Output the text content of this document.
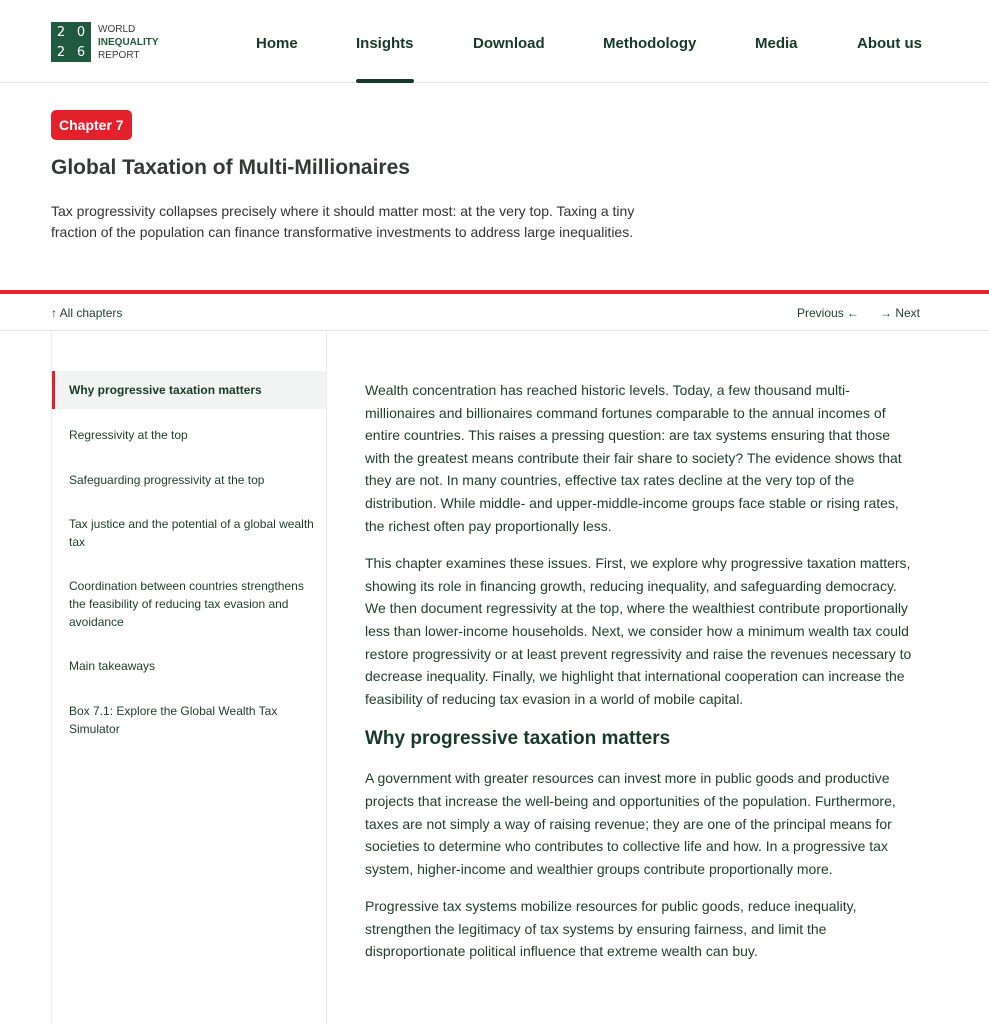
2 0
2 6
WORLD
INEQUALITY
REPORT
Home	Insights	Download	Methodology	Media	About us
Chapter 7
Global Taxation of Multi-Millionaires

Tax progressivity collapses precisely where it should matter most: at the very top. Taxing a tiny fraction of the population can finance transformative investments to address large inequalities.

↑ All chapters	Previous ← → Next
Why progressive taxation matters
Regressivity at the top
Safeguarding progressivity at the top
Tax justice and the potential of a global wealth tax
Coordination between countries strengthens the feasibility of reducing tax evasion and avoidance
Main takeaways
Box 7.1: Explore the Global Wealth Tax Simulator

Wealth concentration has reached historic levels. Today, a few thousand multi-millionaires and billionaires command fortunes comparable to the annual incomes of entire countries. This raises a pressing question: are tax systems ensuring that those with the greatest means contribute their fair share to society? The evidence shows that they are not. In many countries, effective tax rates decline at the very top of the distribution. While middle- and upper-middle-income groups face stable or rising rates, the richest often pay proportionally less.

This chapter examines these issues. First, we explore why progressive taxation matters, showing its role in financing growth, reducing inequality, and safeguarding democracy. We then document regressivity at the top, where the wealthiest contribute proportionally less than lower-income households. Next, we consider how a minimum wealth tax could restore progressivity or at least prevent regressivity and raise the revenues necessary to decrease inequality. Finally, we highlight that international cooperation can increase the feasibility of reducing tax evasion in a world of mobile capital.

Why progressive taxation matters

A government with greater resources can invest more in public goods and productive projects that increase the well-being and opportunities of the population. Furthermore, taxes are not simply a way of raising revenue; they are one of the principal means for societies to determine who contributes to collective life and how. In a progressive tax system, higher-income and wealthier groups contribute proportionally more.

Progressive tax systems mobilize resources for public goods, reduce inequality, strengthen the legitimacy of tax systems by ensuring fairness, and limit the disproportionate political influence that extreme wealth can buy.
